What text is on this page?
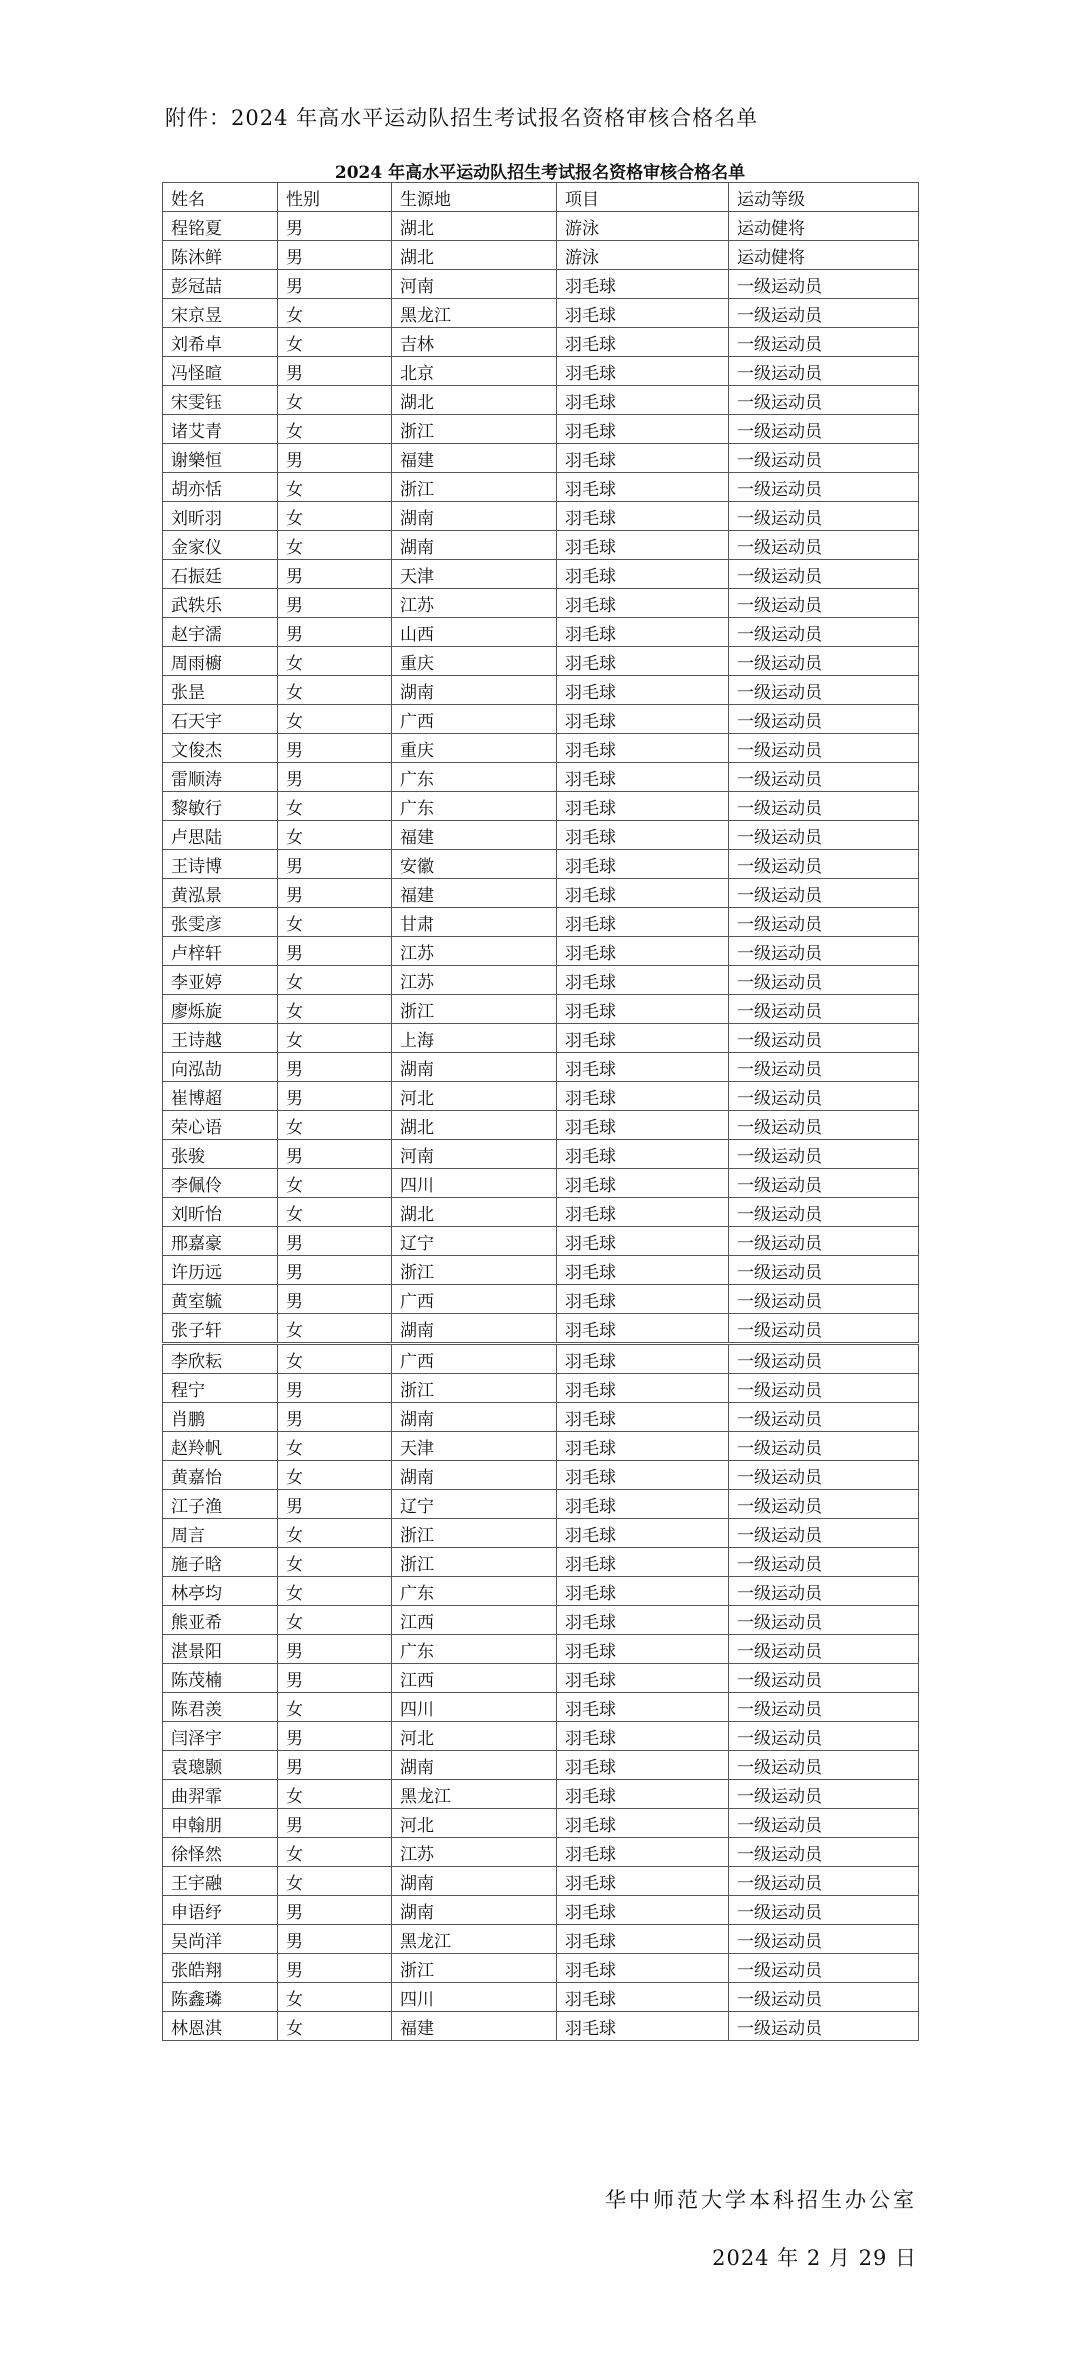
附件：2024 年高水平运动队招生考试报名资格审核合格名单
2024 年高水平运动队招生考试报名资格审核合格名单
姓名	性别	生源地	项目	运动等级
程铭夏	男	湖北	游泳	运动健将
陈沐鲜	男	湖北	游泳	运动健将
彭冠喆	男	河南	羽毛球	一级运动员
宋京昱	女	黑龙江	羽毛球	一级运动员
刘希卓	女	吉林	羽毛球	一级运动员
冯怪暄	男	北京	羽毛球	一级运动员
宋雯钰	女	湖北	羽毛球	一级运动员
诸艾青	女	浙江	羽毛球	一级运动员
谢樂恒	男	福建	羽毛球	一级运动员
胡亦恬	女	浙江	羽毛球	一级运动员
刘昕羽	女	湖南	羽毛球	一级运动员
金家仪	女	湖南	羽毛球	一级运动员
石振廷	男	天津	羽毛球	一级运动员
武轶乐	男	江苏	羽毛球	一级运动员
赵宇濡	男	山西	羽毛球	一级运动员
周雨櫥	女	重庆	羽毛球	一级运动员
张昰	女	湖南	羽毛球	一级运动员
石天宇	女	广西	羽毛球	一级运动员
文俊杰	男	重庆	羽毛球	一级运动员
雷顺涛	男	广东	羽毛球	一级运动员
黎敏行	女	广东	羽毛球	一级运动员
卢思陆	女	福建	羽毛球	一级运动员
王诗博	男	安徽	羽毛球	一级运动员
黄泓景	男	福建	羽毛球	一级运动员
张雯彦	女	甘肃	羽毛球	一级运动员
卢梓轩	男	江苏	羽毛球	一级运动员
李亚婷	女	江苏	羽毛球	一级运动员
廖烁旋	女	浙江	羽毛球	一级运动员
王诗越	女	上海	羽毛球	一级运动员
向泓劼	男	湖南	羽毛球	一级运动员
崔博超	男	河北	羽毛球	一级运动员
荣心语	女	湖北	羽毛球	一级运动员
张骏	男	河南	羽毛球	一级运动员
李佩伶	女	四川	羽毛球	一级运动员
刘昕怡	女	湖北	羽毛球	一级运动员
邢嘉豪	男	辽宁	羽毛球	一级运动员
许历远	男	浙江	羽毛球	一级运动员
黄室毓	男	广西	羽毛球	一级运动员
张子轩	女	湖南	羽毛球	一级运动员
李欣耘	女	广西	羽毛球	一级运动员
程宁	男	浙江	羽毛球	一级运动员
肖鹏	男	湖南	羽毛球	一级运动员
赵羚帆	女	天津	羽毛球	一级运动员
黄嘉怡	女	湖南	羽毛球	一级运动员
江子渔	男	辽宁	羽毛球	一级运动员
周言	女	浙江	羽毛球	一级运动员
施子晗	女	浙江	羽毛球	一级运动员
林亭均	女	广东	羽毛球	一级运动员
熊亚希	女	江西	羽毛球	一级运动员
湛景阳	男	广东	羽毛球	一级运动员
陈茂楠	男	江西	羽毛球	一级运动员
陈君羡	女	四川	羽毛球	一级运动员
闫泽宇	男	河北	羽毛球	一级运动员
袁璁颢	男	湖南	羽毛球	一级运动员
曲羿霏	女	黑龙江	羽毛球	一级运动员
申翰朋	男	河北	羽毛球	一级运动员
徐怿然	女	江苏	羽毛球	一级运动员
王宇融	女	湖南	羽毛球	一级运动员
申语纾	男	湖南	羽毛球	一级运动员
吴尚洋	男	黑龙江	羽毛球	一级运动员
张皓翔	男	浙江	羽毛球	一级运动员
陈鑫璘	女	四川	羽毛球	一级运动员
林恩淇	女	福建	羽毛球	一级运动员
华中师范大学本科招生办公室
2024 年 2 月 29 日
